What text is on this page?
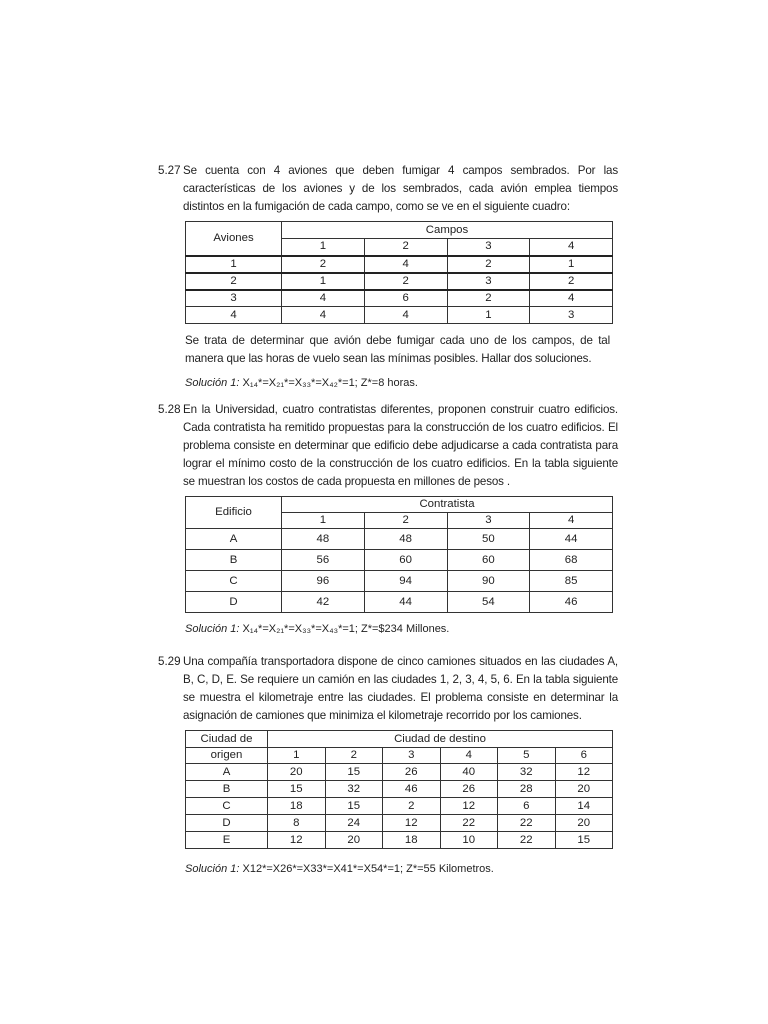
5.27 Se cuenta con 4 aviones que deben fumigar 4 campos sembrados. Por las características de los aviones y de los sembrados, cada avión emplea tiempos distintos en la fumigación de cada campo, como se ve en el siguiente cuadro:
Aviones	Campos			
	1	2	3	4
1	2	4	2	1
2	1	2	3	2
3	4	6	2	4
4	4	4	1	3
Se trata de determinar que avión debe fumigar cada uno de los campos, de tal manera que las horas de vuelo sean las mínimas posibles. Hallar dos soluciones.
Solución 1: X₁₄*=X₂₁*=X₃₃*=X₄₂*=1; Z*=8 horas.
5.28 En la Universidad, cuatro contratistas diferentes, proponen construir cuatro edificios. Cada contratista ha remitido propuestas para la construcción de los cuatro edificios. El problema consiste en determinar que edificio debe adjudicarse a cada contratista para lograr el mínimo costo de la construcción de los cuatro edificios. En la tabla siguiente se muestran los costos de cada propuesta en millones de pesos .
Edificio	Contratista			
	1	2	3	4
A	48	48	50	44
B	56	60	60	68
C	96	94	90	85
D	42	44	54	46
Solución 1: X₁₄*=X₂₁*=X₃₃*=X₄₃*=1; Z*=$234 Millones.
5.29 Una compañía transportadora dispone de cinco camiones situados en las ciudades A, B, C, D, E. Se requiere un camión en las ciudades 1, 2, 3, 4, 5, 6. En la tabla siguiente se muestra el kilometraje entre las ciudades. El problema consiste en determinar la asignación de camiones que minimiza el kilometraje recorrido por los camiones.
Ciudad de	Ciudad de destino					
origen	1	2	3	4	5	6
A	20	15	26	40	32	12
B	15	32	46	26	28	20
C	18	15	2	12	6	14
D	8	24	12	22	22	20
E	12	20	18	10	22	15
Solución 1: X12*=X26*=X33*=X41*=X54*=1; Z*=55 Kilometros.
